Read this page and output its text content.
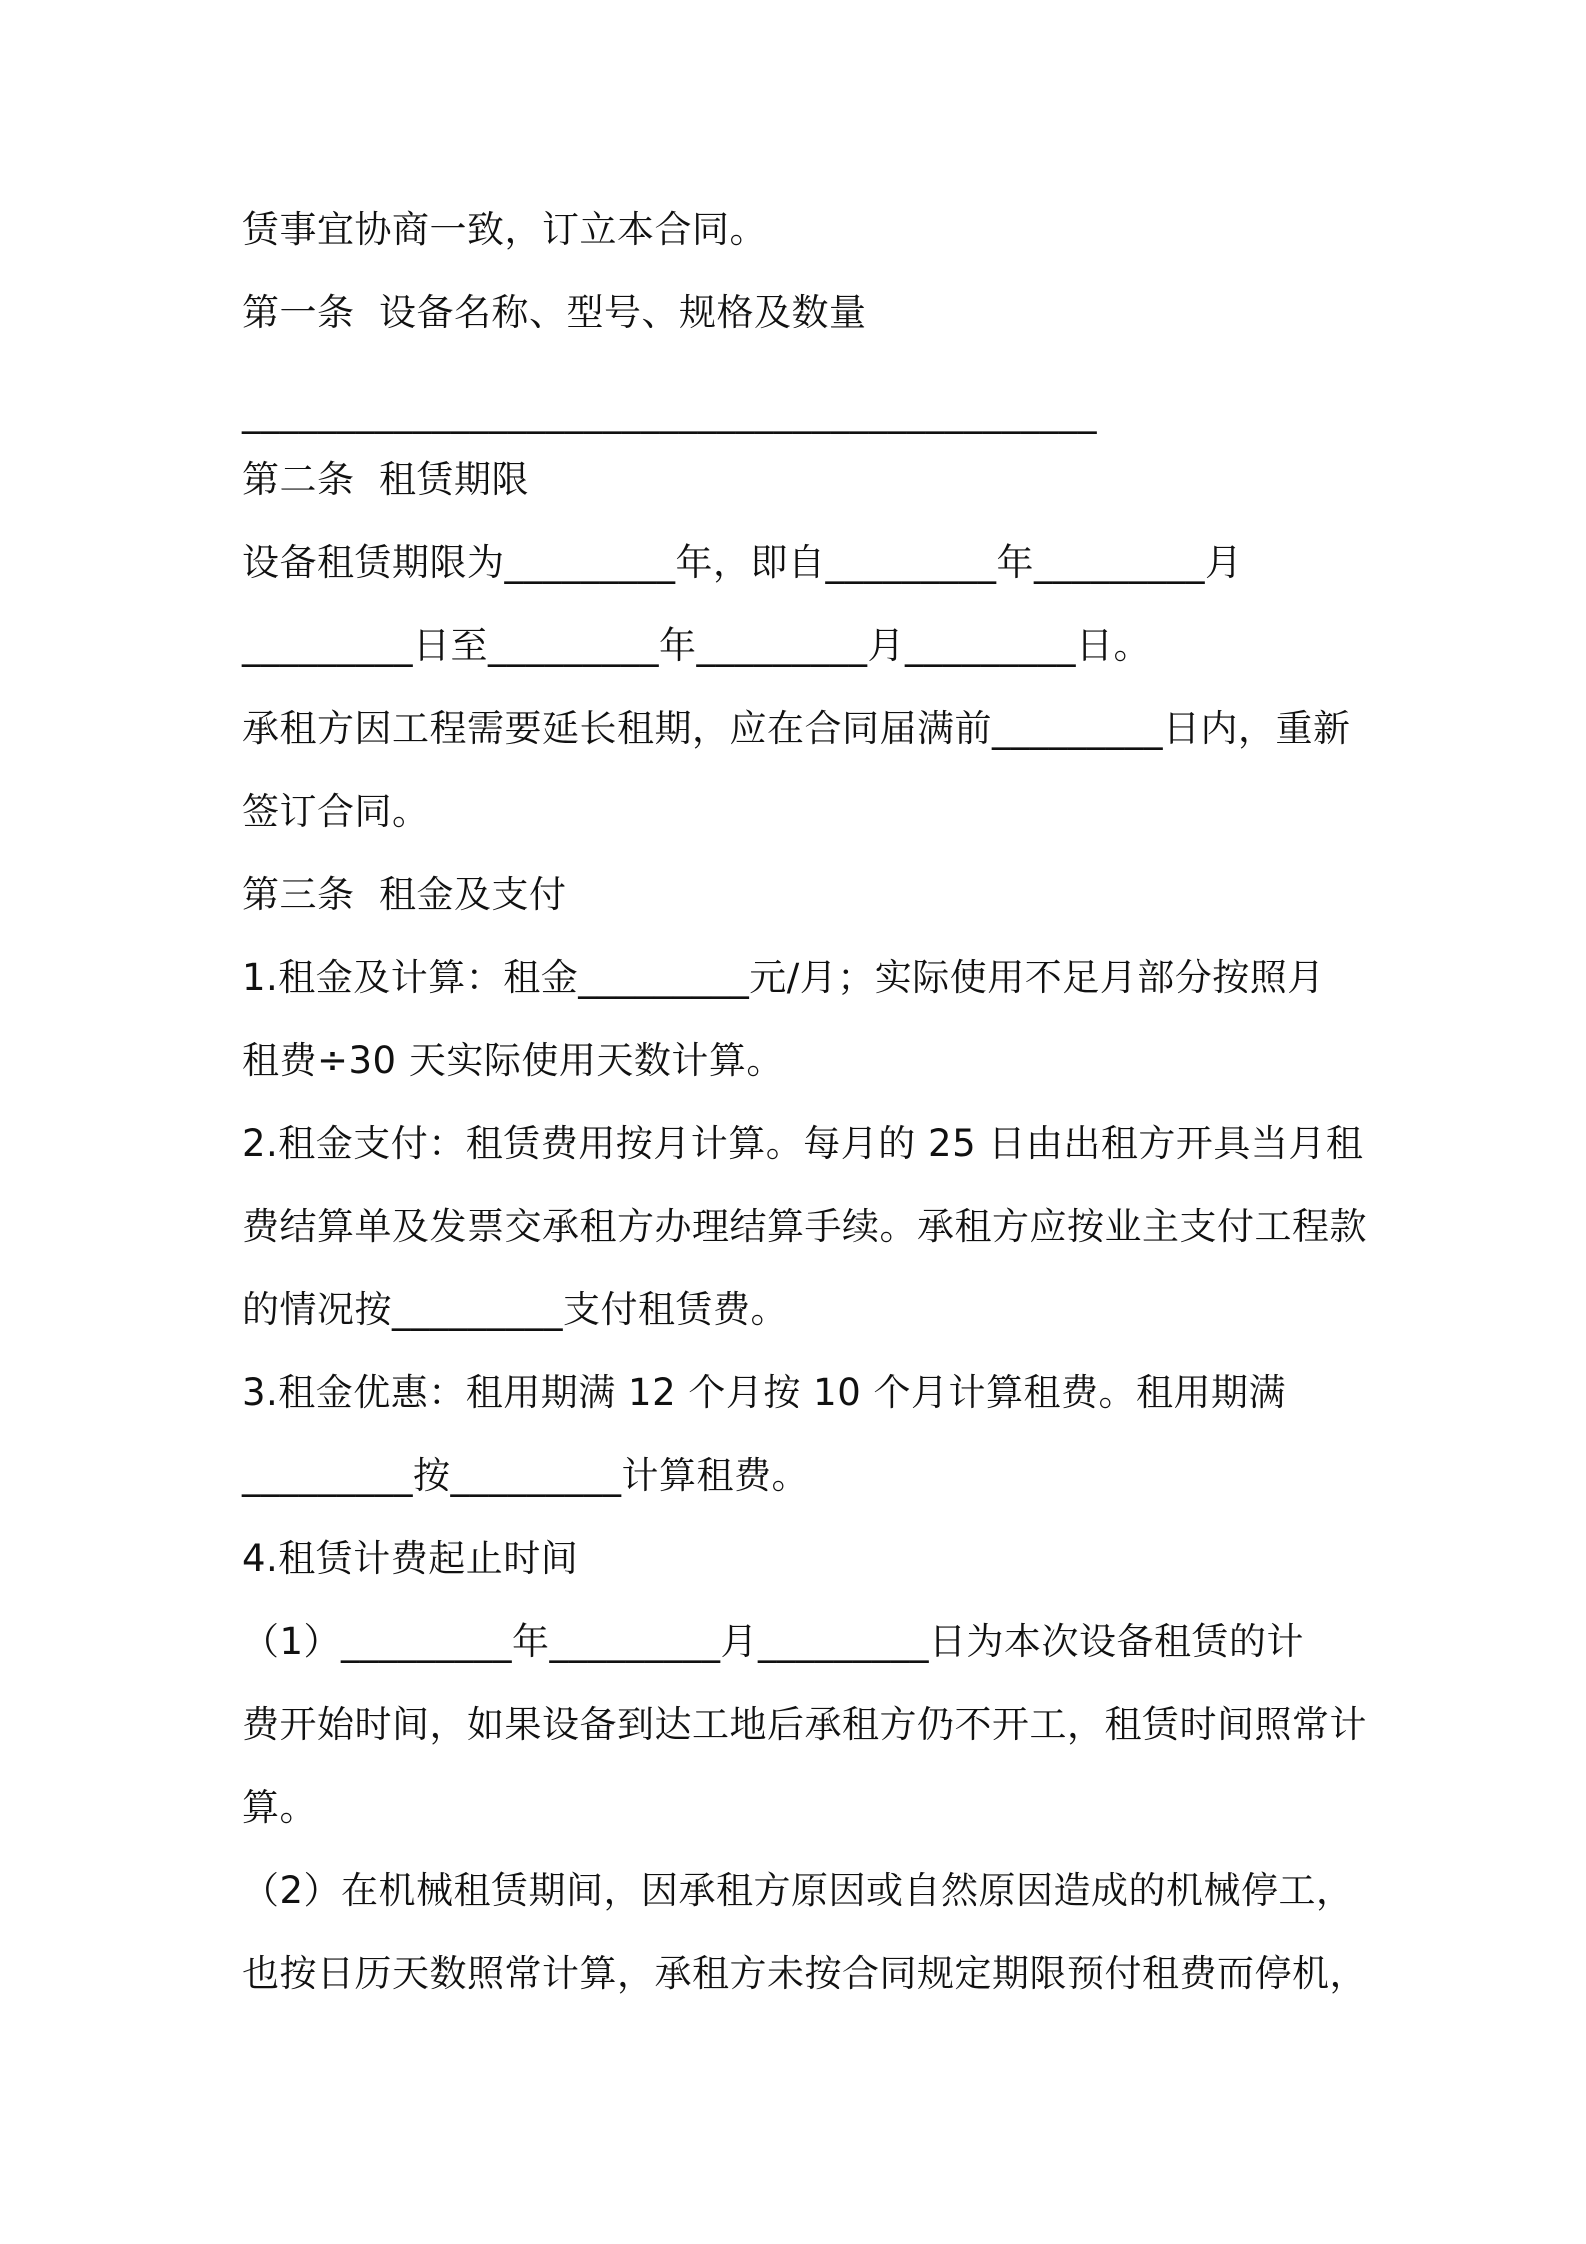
赁事宜协商一致，订立本合同。
第一条  设备名称、型号、规格及数量
_____________________________________________
第二条  租赁期限
设备租赁期限为_________年，即自_________年_________月
_________日至_________年_________月_________日。
承租方因工程需要延长租期，应在合同届满前_________日内，重新
签订合同。
第三条  租金及支付
1.租金及计算：租金_________元/月；实际使用不足月部分按照月
租费÷30 天实际使用天数计算。
2.租金支付：租赁费用按月计算。每月的 25 日由出租方开具当月租
费结算单及发票交承租方办理结算手续。承租方应按业主支付工程款
的情况按_________支付租赁费。
3.租金优惠：租用期满 12 个月按 10 个月计算租费。租用期满
_________按_________计算租费。
4.租赁计费起止时间
（1）_________年_________月_________日为本次设备租赁的计
费开始时间，如果设备到达工地后承租方仍不开工，租赁时间照常计
算。
（2）在机械租赁期间，因承租方原因或自然原因造成的机械停工，
也按日历天数照常计算，承租方未按合同规定期限预付租费而停机，
